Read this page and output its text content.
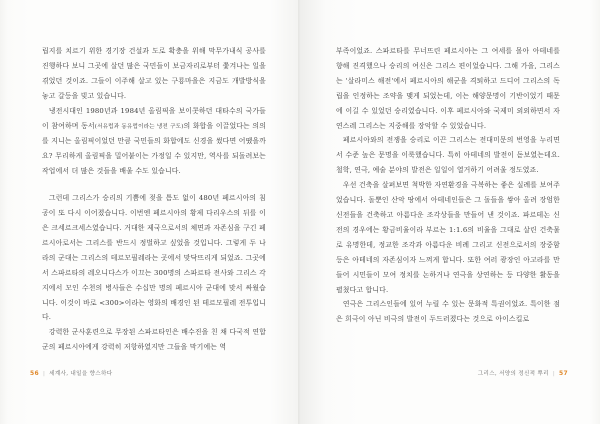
립지를 치르기 위한 경기장 건설과 도로 확충을 위해 막무가내식 공사를 진행하다 보니 그곳에 살던 많은 국민들이 보금자리로부터 쫓겨나는 일을 겪었던 것이죠. 그들이 이주해 살고 있는 구룡마을은 지금도 개발방식을 놓고 갈등을 빚고 있습니다.

냉전시대인 1980년과 1984년 올림픽을 보이콧하던 대타수의 국가들이 참여하며 동서(서유럽과 동유럽이라는 냉전 구도)의 화합을 이끌었다는 의의를 지니는 올림픽이었던 만큼 국민들의 화합에도 신경을 썼다면 어땠을까요? 무리하게 올림픽을 밀어붙이는 가정일 수 있지만, 역사를 되돌려보는 작업에서 더 많은 것들을 배울 수도 있습니다.

그런데 그리스가 승리의 기쁨에 젖을 틈도 없이 480년 페르시아의 침공이 또 다시 이어졌습니다. 이번엔 페르시아의 황제 다리우스의 뒤를 이은 크세르크세스였습니다. 거대한 제국으로서의 체면과 자존심을 구긴 페르시아로서는 그리스를 반드시 정벌하고 싶었을 것입니다. 그렇게 두 나라의 군대는 그리스의 테르모필레라는 곳에서 맞닥뜨리게 되었죠. 그곳에서 스파르타의 레오니다스가 이끄는 300명의 스파르타 전사와 그리스 각지에서 모인 수천의 병사들은 수십만 명의 페르시아 군대에 맞서 싸웠습니다. 이것이 바로 <300>이라는 영화의 배경인 된 테르모필레 전투입니다.

강력한 군사훈련으로 무장된 스파르타인은 배수진을 친 채 다국적 연합군의 페르시아에게 강력히 저항하였지만 그들을 막기에는 역

56 | 세계사, 내일을 향스하다

부족이었죠. 스파르타를 무너뜨린 페르시아는 그 여세를 몰아 아테네를 향해 진격했으나 승리의 여신은 그리스 편이었습니다. 그해 가을, 그리스는 '살라미스 해전'에서 페르시아의 해군을 격퇴하고 드디어 그리스의 독립을 인정하는 조약을 맺게 되었는데, 이는 해양문명이 기반이었기 때문에 이길 수 있었던 승리였습니다. 이후 페르시아와 국제미 외외하면서 자연스레 그리스는 지중해를 장악할 수 있었습니다.

페르시아와의 전쟁을 승리로 이끈 그리스는 전대미문의 번영을 누리면서 수준 높은 문명을 이룩했습니다. 특히 아테네의 발전이 돋보였는데요. 철학, 연극, 예술 분야의 발전은 일일이 열거하기 어려울 정도였죠.

우선 건축을 살펴보면 척박한 자연환경을 극복하는 좋은 실례를 보여주었습니다. 돌뿐인 산악 땅에서 아테네인들은 그 돌들을 쌓아 올려 장엄한 신전들을 건축하고 아름다운 조각상들을 만들어 낸 것이죠. 파르테논 신전의 경우에는 황금비율이라 부르는 1:1.6의 비율을 그대로 살린 건축물로 유명한데, 정교한 조각과 아름다운 비례 그리고 신전으로서의 장중함 등은 아테네의 자존심이자 느껴게 합니다. 또한 여러 광장인 아고라를 만들어 시민들이 모여 정치를 논하거나 연극을 상연하는 등 다양한 활동을 펼쳤다고 합니다.

연극은 그리스인들에 있어 누릴 수 있는 문화적 특권이었죠. 특이한 점은 희극이 아닌 비극의 발전이 두드러졌다는 것으로 아이스킬로

그리스, 서양의 정신적 뿌리 | 57
